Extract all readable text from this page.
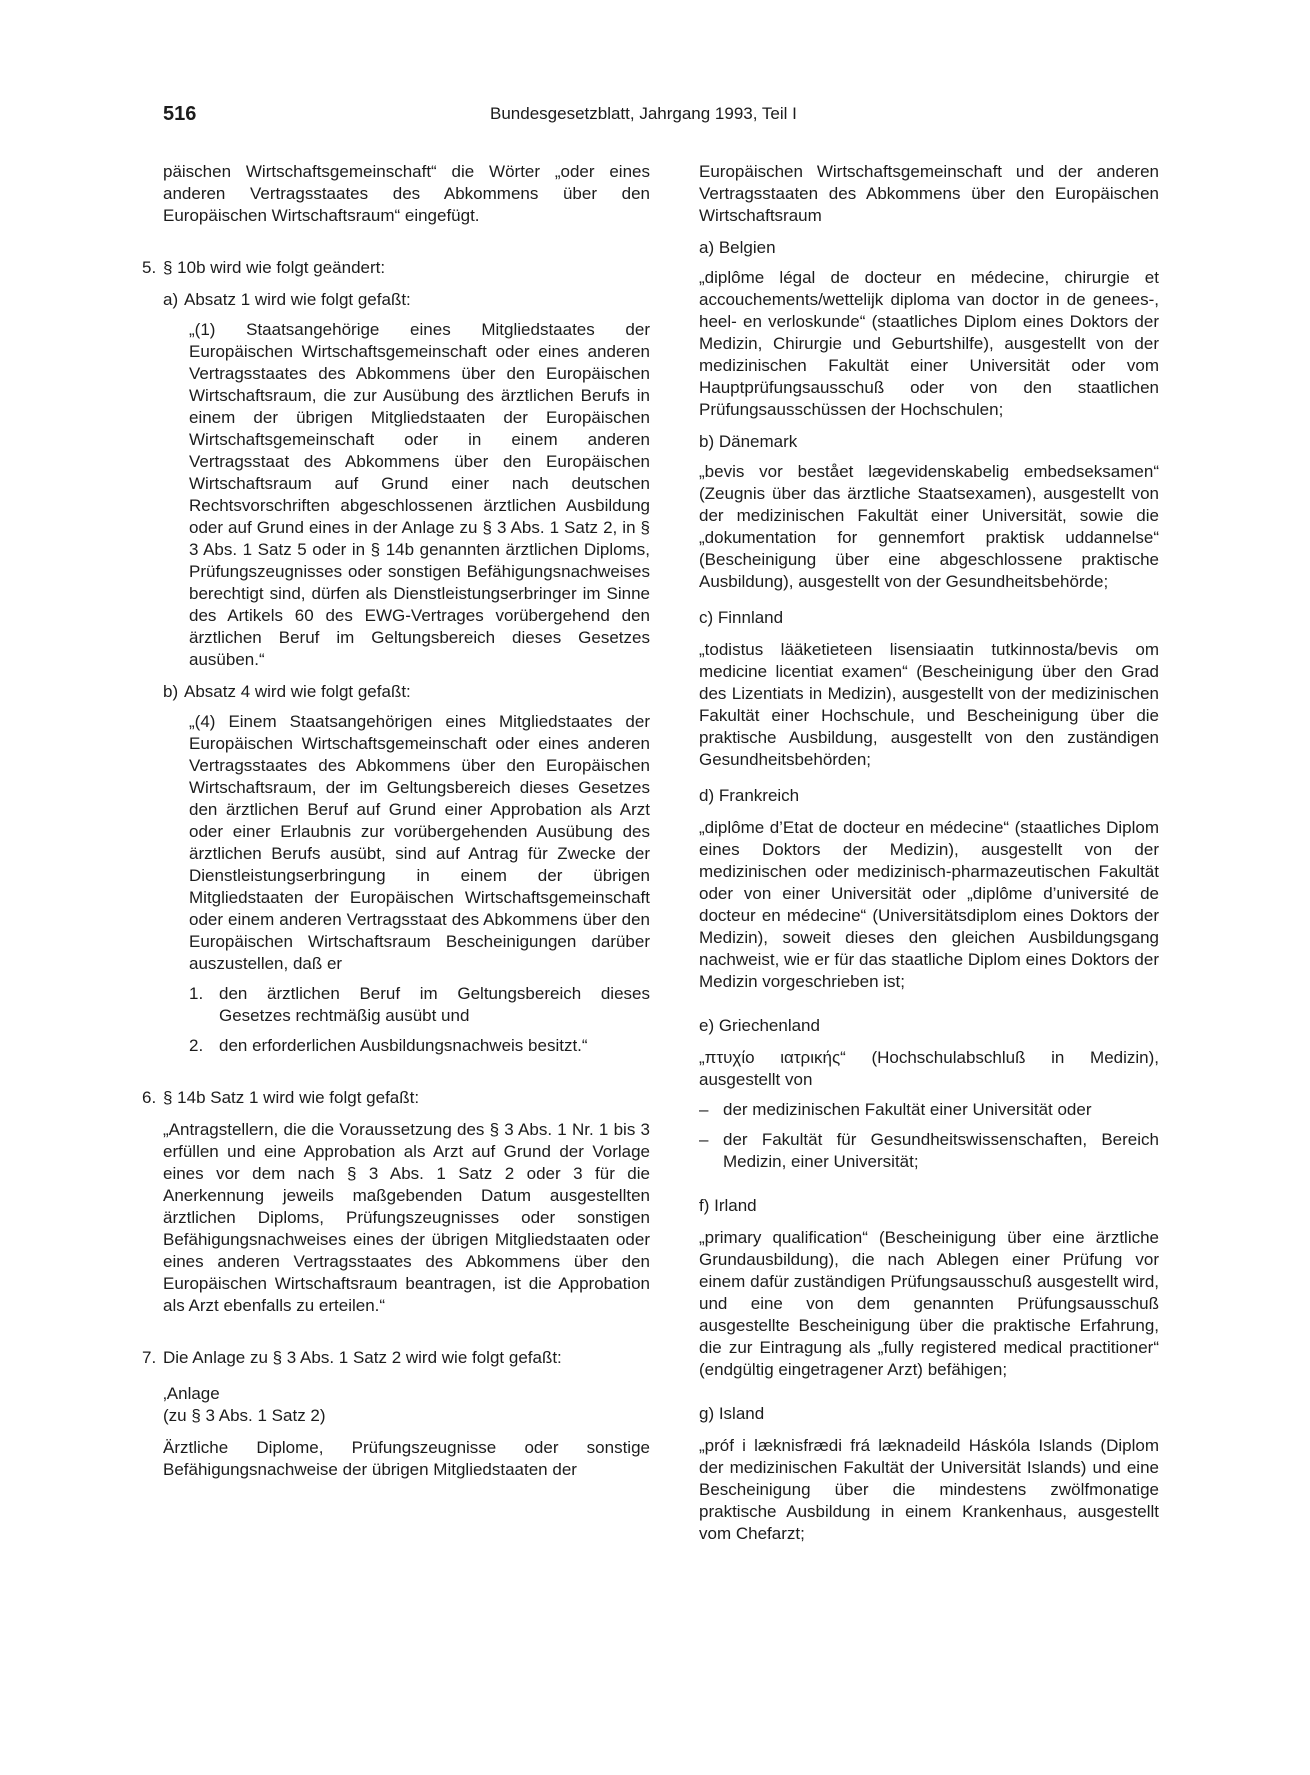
516	Bundesgesetzblatt, Jahrgang 1993, Teil I

päischen Wirtschaftsgemeinschaft“ die Wörter „oder eines anderen Vertragsstaates des Abkommens über den Europäischen Wirtschaftsraum“ eingefügt.

5. § 10b wird wie folgt geändert:

a) Absatz 1 wird wie folgt gefaßt:

„(1) Staatsangehörige eines Mitgliedstaates der Europäischen Wirtschaftsgemeinschaft oder eines anderen Vertragsstaates des Abkommens über den Europäischen Wirtschaftsraum, die zur Ausübung des ärztlichen Berufs in einem der übrigen Mitgliedstaaten der Europäischen Wirtschaftsgemeinschaft oder in einem anderen Vertragsstaat des Abkommens über den Europäischen Wirtschaftsraum auf Grund einer nach deutschen Rechtsvorschriften abgeschlossenen ärztlichen Ausbildung oder auf Grund eines in der Anlage zu § 3 Abs. 1 Satz 2, in § 3 Abs. 1 Satz 5 oder in § 14b genannten ärztlichen Diploms, Prüfungszeugnisses oder sonstigen Befähigungsnachweises berechtigt sind, dürfen als Dienstleistungserbringer im Sinne des Artikels 60 des EWG-Vertrages vorübergehend den ärztlichen Beruf im Geltungsbereich dieses Gesetzes ausüben.“

b) Absatz 4 wird wie folgt gefaßt:

„(4) Einem Staatsangehörigen eines Mitgliedstaates der Europäischen Wirtschaftsgemeinschaft oder eines anderen Vertragsstaates des Abkommens über den Europäischen Wirtschaftsraum, der im Geltungsbereich dieses Gesetzes den ärztlichen Beruf auf Grund einer Approbation als Arzt oder einer Erlaubnis zur vorübergehenden Ausübung des ärztlichen Berufs ausübt, sind auf Antrag für Zwecke der Dienstleistungserbringung in einem der übrigen Mitgliedstaaten der Europäischen Wirtschaftsgemeinschaft oder einem anderen Vertragsstaat des Abkommens über den Europäischen Wirtschaftsraum Bescheinigungen darüber auszustellen, daß er

1. den ärztlichen Beruf im Geltungsbereich dieses Gesetzes rechtmäßig ausübt und
2. den erforderlichen Ausbildungsnachweis besitzt.“
6. § 14b Satz 1 wird wie folgt gefaßt:

„Antragstellern, die die Voraussetzung des § 3 Abs. 1 Nr. 1 bis 3 erfüllen und eine Approbation als Arzt auf Grund der Vorlage eines vor dem nach § 3 Abs. 1 Satz 2 oder 3 für die Anerkennung jeweils maßgebenden Datum ausgestellten ärztlichen Diploms, Prüfungszeugnisses oder sonstigen Befähigungsnachweises eines der übrigen Mitgliedstaaten oder eines anderen Vertragsstaates des Abkommens über den Europäischen Wirtschaftsraum beantragen, ist die Approbation als Arzt ebenfalls zu erteilen.“

7. Die Anlage zu § 3 Abs. 1 Satz 2 wird wie folgt gefaßt:

‚Anlage

(zu § 3 Abs. 1 Satz 2)

Ärztliche Diplome, Prüfungszeugnisse oder sonstige Befähigungsnachweise der übrigen Mitgliedstaaten der

Europäischen Wirtschaftsgemeinschaft und der anderen Vertragsstaaten des Abkommens über den Europäischen Wirtschaftsraum

a) Belgien

„diplôme légal de docteur en médecine, chirurgie et accouchements/wettelijk diploma van doctor in de genees-, heel- en verloskunde“ (staatliches Diplom eines Doktors der Medizin, Chirurgie und Geburtshilfe), ausgestellt von der medizinischen Fakultät einer Universität oder vom Hauptprüfungsausschuß oder von den staatlichen Prüfungsausschüssen der Hochschulen;

b) Dänemark

„bevis vor bestået lægevidenskabelig embedseksamen“ (Zeugnis über das ärztliche Staatsexamen), ausgestellt von der medizinischen Fakultät einer Universität, sowie die „dokumentation for gennemfort praktisk uddannelse“ (Bescheinigung über eine abgeschlossene praktische Ausbildung), ausgestellt von der Gesundheitsbehörde;

c) Finnland

„todistus lääketieteen lisensiaatin tutkinnosta/bevis om medicine licentiat examen“ (Bescheinigung über den Grad des Lizentiats in Medizin), ausgestellt von der medizinischen Fakultät einer Hochschule, und Bescheinigung über die praktische Ausbildung, ausgestellt von den zuständigen Gesundheitsbehörden;

d) Frankreich

„diplôme d’Etat de docteur en médecine“ (staatliches Diplom eines Doktors der Medizin), ausgestellt von der medizinischen oder medizinisch-pharmazeutischen Fakultät oder von einer Universität oder „diplôme d’université de docteur en médecine“ (Universitätsdiplom eines Doktors der Medizin), soweit dieses den gleichen Ausbildungsgang nachweist, wie er für das staatliche Diplom eines Doktors der Medizin vorgeschrieben ist;

e) Griechenland

„πτυχίο ιατρικής“ (Hochschulabschluß in Medizin), ausgestellt von

– der medizinischen Fakultät einer Universität oder
– der Fakultät für Gesundheitswissenschaften, Bereich Medizin, einer Universität;

f) Irland

„primary qualification“ (Bescheinigung über eine ärztliche Grundausbildung), die nach Ablegen einer Prüfung vor einem dafür zuständigen Prüfungsausschuß ausgestellt wird, und eine von dem genannten Prüfungsausschuß ausgestellte Bescheinigung über die praktische Erfahrung, die zur Eintragung als „fully registered medical practitioner“ (endgültig eingetragener Arzt) befähigen;

g) Island

„próf i læknisfrædi frá læknadeild Háskóla Islands (Diplom der medizinischen Fakultät der Universität Islands) und eine Bescheinigung über die mindestens zwölfmonatige praktische Ausbildung in einem Krankenhaus, ausgestellt vom Chefarzt;
